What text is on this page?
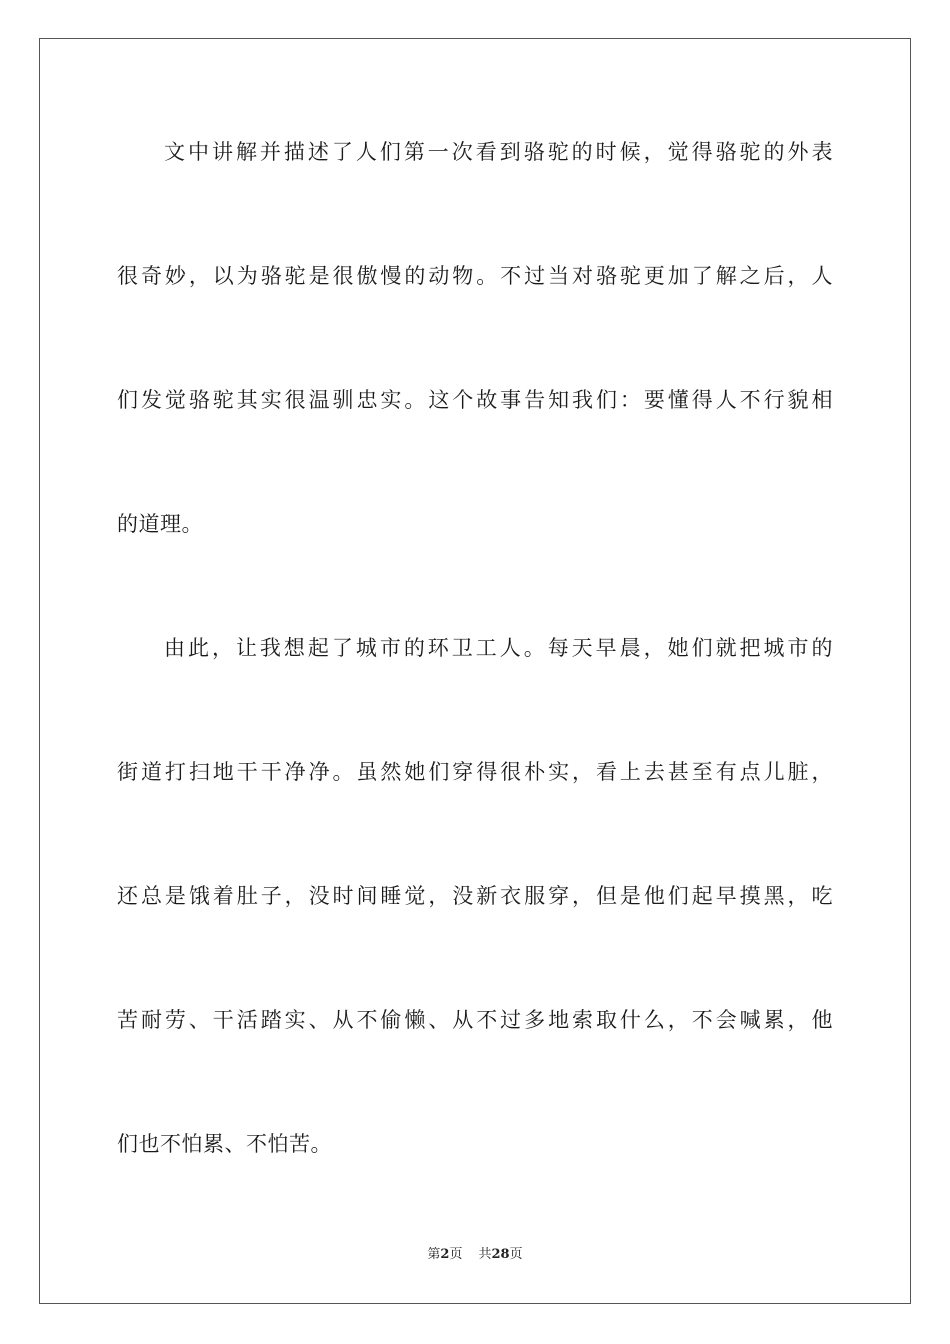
文中讲解并描述了人们第一次看到骆驼的时候，觉得骆驼的外表
很奇妙，以为骆驼是很傲慢的动物。不过当对骆驼更加了解之后，人
们发觉骆驼其实很温驯忠实。这个故事告知我们：要懂得人不行貌相
的道理。
由此，让我想起了城市的环卫工人。每天早晨，她们就把城市的
街道打扫地干干净净。虽然她们穿得很朴实，看上去甚至有点儿脏，
还总是饿着肚子，没时间睡觉，没新衣服穿，但是他们起早摸黑，吃
苦耐劳、干活踏实、从不偷懒、从不过多地索取什么，不会喊累，他
们也不怕累、不怕苦。
第2页 共28页
